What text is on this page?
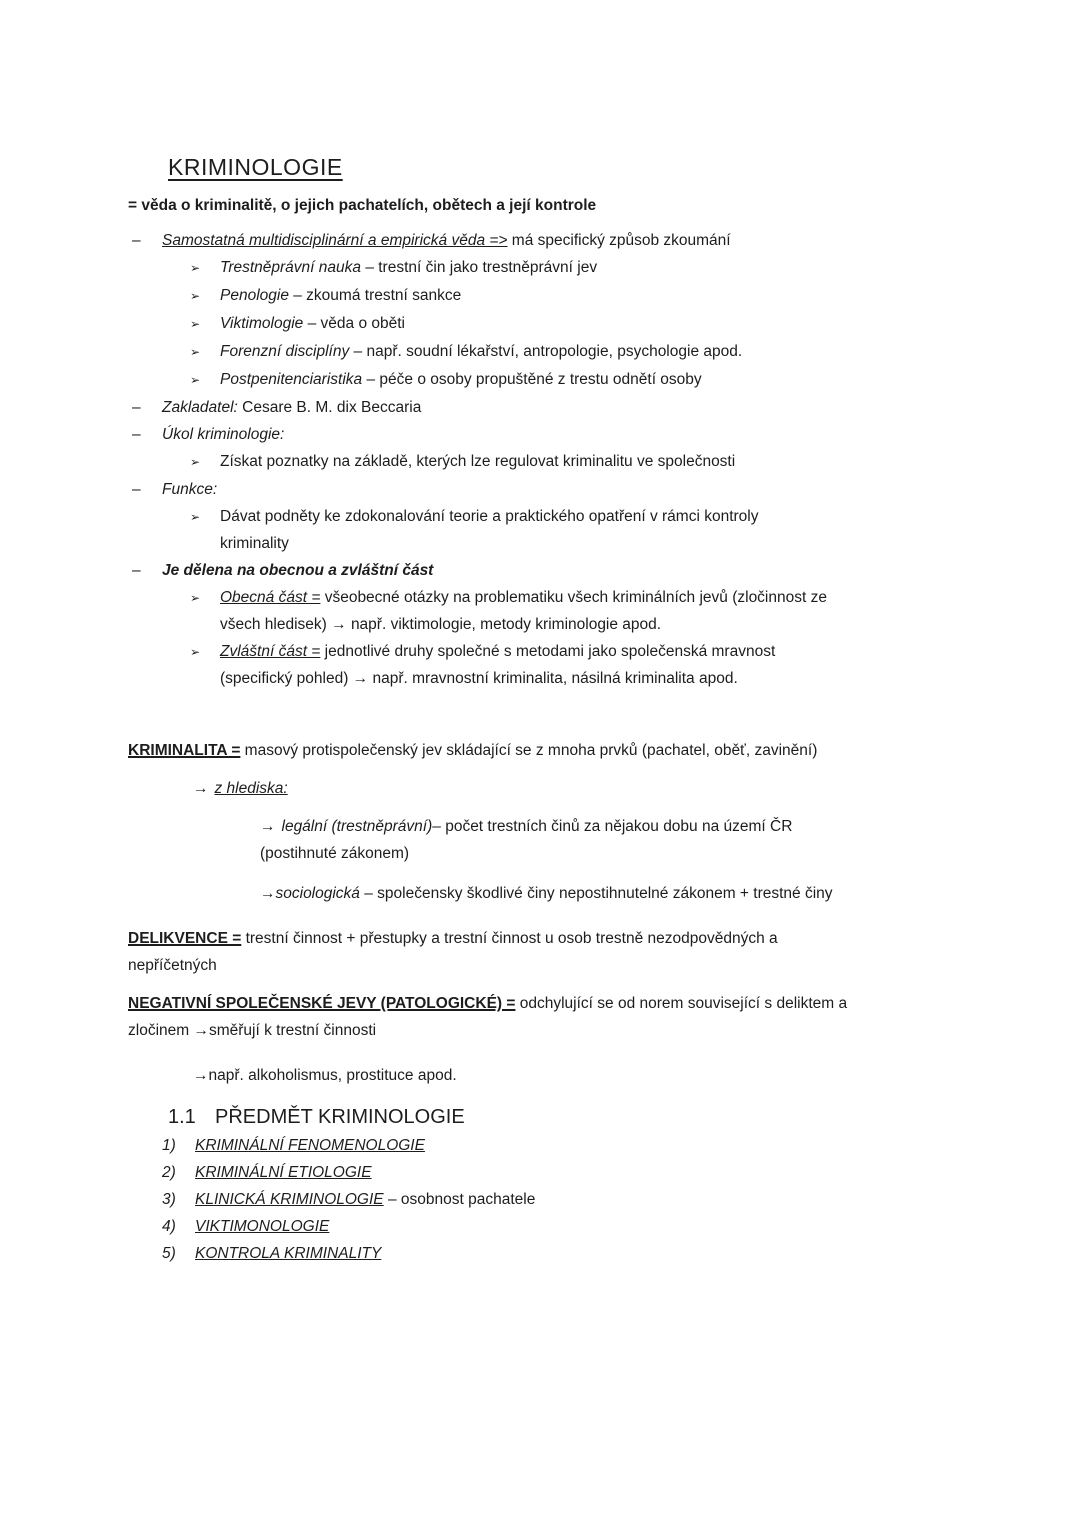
KRIMINOLOGIE
= věda o kriminalitě, o jejich pachatelích, obětech a její kontrole
–	Samostatná multidisciplinární a empirická věda => má specifický způsob zkoumání
➢	Trestněprávní nauka – trestní čin jako trestněprávní jev
➢	Penologie – zkoumá trestní sankce
➢	Viktimologie – věda o oběti
➢	Forenzní disciplíny – např. soudní lékařství, antropologie, psychologie apod.
➢	Postpenitenciaristika – péče o osoby propuštěné z trestu odnětí osoby
–	Zakladatel: Cesare B. M. dix Beccaria
–	Úkol kriminologie:
➢	Získat poznatky na základě, kterých lze regulovat kriminalitu ve společnosti
–	Funkce:
➢	Dávat podněty ke zdokonalování teorie a praktického opatření v rámci kontroly
kriminality
–	Je dělena na obecnou a zvláštní část
➢	Obecná část = všeobecné otázky na problematiku všech kriminálních jevů (zločinnost ze
všech hledisek) → např. viktimologie, metody kriminologie apod.
➢	Zvláštní část = jednotlivé druhy společné s metodami jako společenská mravnost
(specifický pohled) → např. mravnostní kriminalita, násilná kriminalita apod.
KRIMINALITA = masový protispolečenský jev skládající se z mnoha prvků (pachatel, oběť, zavinění)
→ z hlediska:
→ legální (trestněprávní)– počet trestních činů za nějakou dobu na území ČR
(postihnuté zákonem)
→sociologická – společensky škodlivé činy nepostihnutelné zákonem + trestné činy
DELIKVENCE = trestní činnost + přestupky a trestní činnost u osob trestně nezodpovědných a
nepříčetných
NEGATIVNÍ SPOLEČENSKÉ JEVY (PATOLOGICKÉ) = odchylující se od norem související s deliktem a
zločinem →směřují k trestní činnosti
→např. alkoholismus, prostituce apod.
1.1 PŘEDMĚT KRIMINOLOGIE
1)	KRIMINÁLNÍ FENOMENOLOGIE
2)	KRIMINÁLNÍ ETIOLOGIE
3)	KLINICKÁ KRIMINOLOGIE – osobnost pachatele
4)	VIKTIMONOLOGIE
5)	KONTROLA KRIMINALITY
